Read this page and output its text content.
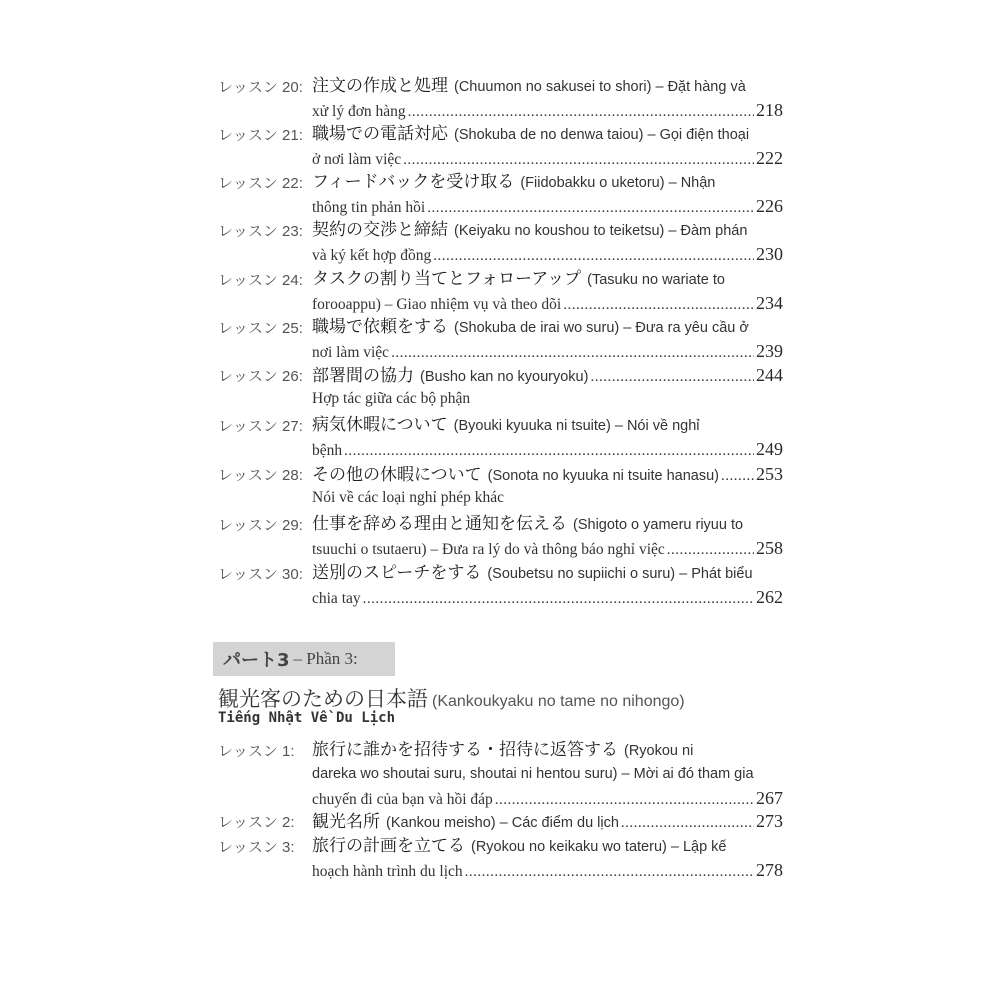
レッスン 20: 注文の作成と処理 (Chuumon no sakusei to shori) – Đặt hàng và
xử lý đơn hàng .....	218
レッスン 21: 職場での電話対応 (Shokuba de no denwa taiou) – Gọi điện thoại
ở nơi làm việc .....	222
レッスン 22: フィードバックを受け取る (Fiidobakku o uketoru) – Nhận
thông tin phản hồi .....	226
レッスン 23: 契約の交渉と締結 (Keiyaku no koushou to teiketsu) – Đàm phán
và ký kết hợp đồng .....	230
レッスン 24: タスクの割り当てとフォローアップ (Tasuku no wariate to
forooappu) – Giao nhiệm vụ và theo dõi .....	234
レッスン 25: 職場で依頼をする (Shokuba de irai wo suru) – Đưa ra yêu cầu ở
nơi làm việc .....	239
レッスン 26: 部署間の協力 (Busho kan no kyouryoku) .....	244
Hợp tác giữa các bộ phận
レッスン 27: 病気休暇について (Byouki kyuuka ni tsuite) – Nói về nghỉ
bệnh .....	249
レッスン 28: その他の休暇について (Sonota no kyuuka ni tsuite hanasu) ..... 253
Nói về các loại nghỉ phép khác
レッスン 29: 仕事を辞める理由と通知を伝える (Shigoto o yameru riyuu to
tsuuchi o tsutaeru) – Đưa ra lý do và thông báo nghỉ việc .....	258
レッスン 30: 送別のスピーチをする (Soubetsu no supiichi o suru) – Phát biểu
chia tay .....	262
パート3 – Phần 3:
観光客のための日本語 (Kankoukyaku no tame no nihongo)
Tiếng Nhật Về Du Lịch
レッスン 1: 旅行に誰かを招待する・招待に返答する (Ryokou ni
dareka wo shoutai suru, shoutai ni hentou suru) – Mời ai đó tham gia
chuyến đi của bạn và hồi đáp .....	267
レッスン 2: 観光名所 (Kankou meisho) – Các điểm du lịch .....	273
レッスン 3: 旅行の計画を立てる (Ryokou no keikaku wo tateru) – Lập kế
hoạch hành trình du lịch .....	278
